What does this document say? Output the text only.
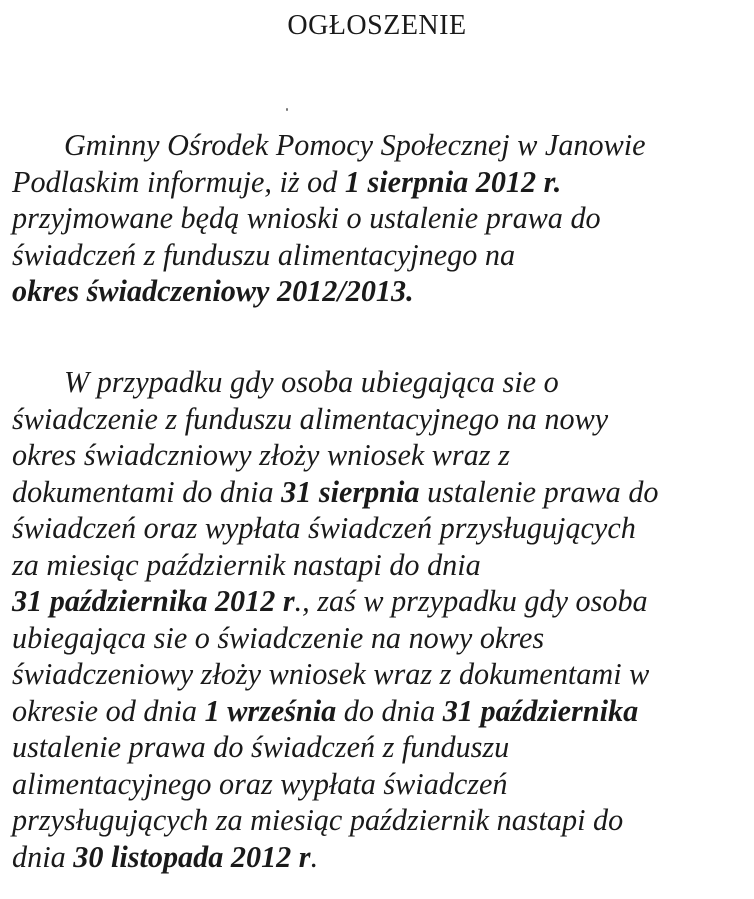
OGŁOSZENIE
Gminny Ośrodek Pomocy Społecznej w Janowie
Podlaskim informuje, iż od 1 sierpnia 2012 r.
przyjmowane będą wnioski o ustalenie prawa do
świadczeń z funduszu alimentacyjnego na
okres świadczeniowy 2012/2013.
W przypadku gdy osoba ubiegająca sie o
świadczenie z funduszu alimentacyjnego na nowy
okres świadczniowy złoży wniosek wraz z
dokumentami do dnia 31 sierpnia ustalenie prawa do
świadczeń oraz wypłata świadczeń przysługujących
za miesiąc październik nastapi do dnia
31 października 2012 r., zaś w przypadku gdy osoba
ubiegająca sie o świadczenie na nowy okres
świadczeniowy złoży wniosek wraz z dokumentami w
okresie od dnia 1 września do dnia 31 października
ustalenie prawa do świadczeń z funduszu
alimentacyjnego oraz wypłata świadczeń
przysługujących za miesiąc październik nastapi do
dnia 30 listopada 2012 r.
